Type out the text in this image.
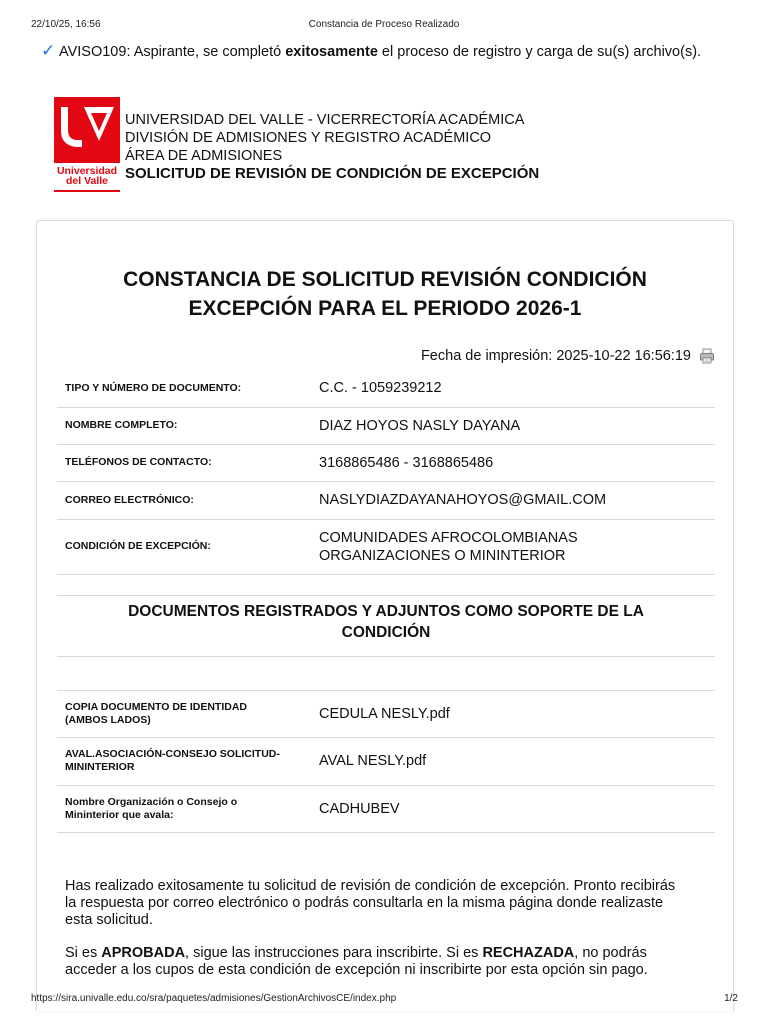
22/10/25, 16:56	Constancia de Proceso Realizado
✓ AVISO109: Aspirante, se completó exitosamente el proceso de registro y carga de su(s) archivo(s).
Universidad
del Valle
UNIVERSIDAD DEL VALLE - VICERRECTORÍA ACADÉMICA
DIVISIÓN DE ADMISIONES Y REGISTRO ACADÉMICO
ÁREA DE ADMISIONES
SOLICITUD DE REVISIÓN DE CONDICIÓN DE EXCEPCIÓN
CONSTANCIA DE SOLICITUD REVISIÓN CONDICIÓN
EXCEPCIÓN PARA EL PERIODO 2026-1
Fecha de impresión: 2025-10-22 16:56:19
TIPO Y NÚMERO DE DOCUMENTO:	C.C. - 1059239212
NOMBRE COMPLETO:	DIAZ HOYOS NASLY DAYANA
TELÉFONOS DE CONTACTO:	3168865486 - 3168865486
CORREO ELECTRÓNICO:	NASLYDIAZDAYANAHOYOS@GMAIL.COM
CONDICIÓN DE EXCEPCIÓN:
COMUNIDADES AFROCOLOMBIANAS
ORGANIZACIONES O MININTERIOR
DOCUMENTOS REGISTRADOS Y ADJUNTOS COMO SOPORTE DE LA
CONDICIÓN
COPIA DOCUMENTO DE IDENTIDAD
(AMBOS LADOS)	CEDULA NESLY.pdf
AVAL.ASOCIACIÓN-CONSEJO SOLICITUD-
MININTERIOR	AVAL NESLY.pdf
Nombre Organización o Consejo o
Mininterior que avala:	CADHUBEV
Has realizado exitosamente tu solicitud de revisión de condición de excepción. Pronto recibirás
la respuesta por correo electrónico o podrás consultarla en la misma página donde realizaste
esta solicitud.
Si es APROBADA, sigue las instrucciones para inscribirte. Si es RECHAZADA, no podrás
acceder a los cupos de esta condición de excepción ni inscribirte por esta opción sin pago.
https://sira.univalle.edu.co/sra/paquetes/admisiones/GestionArchivosCE/index.php	1/2
